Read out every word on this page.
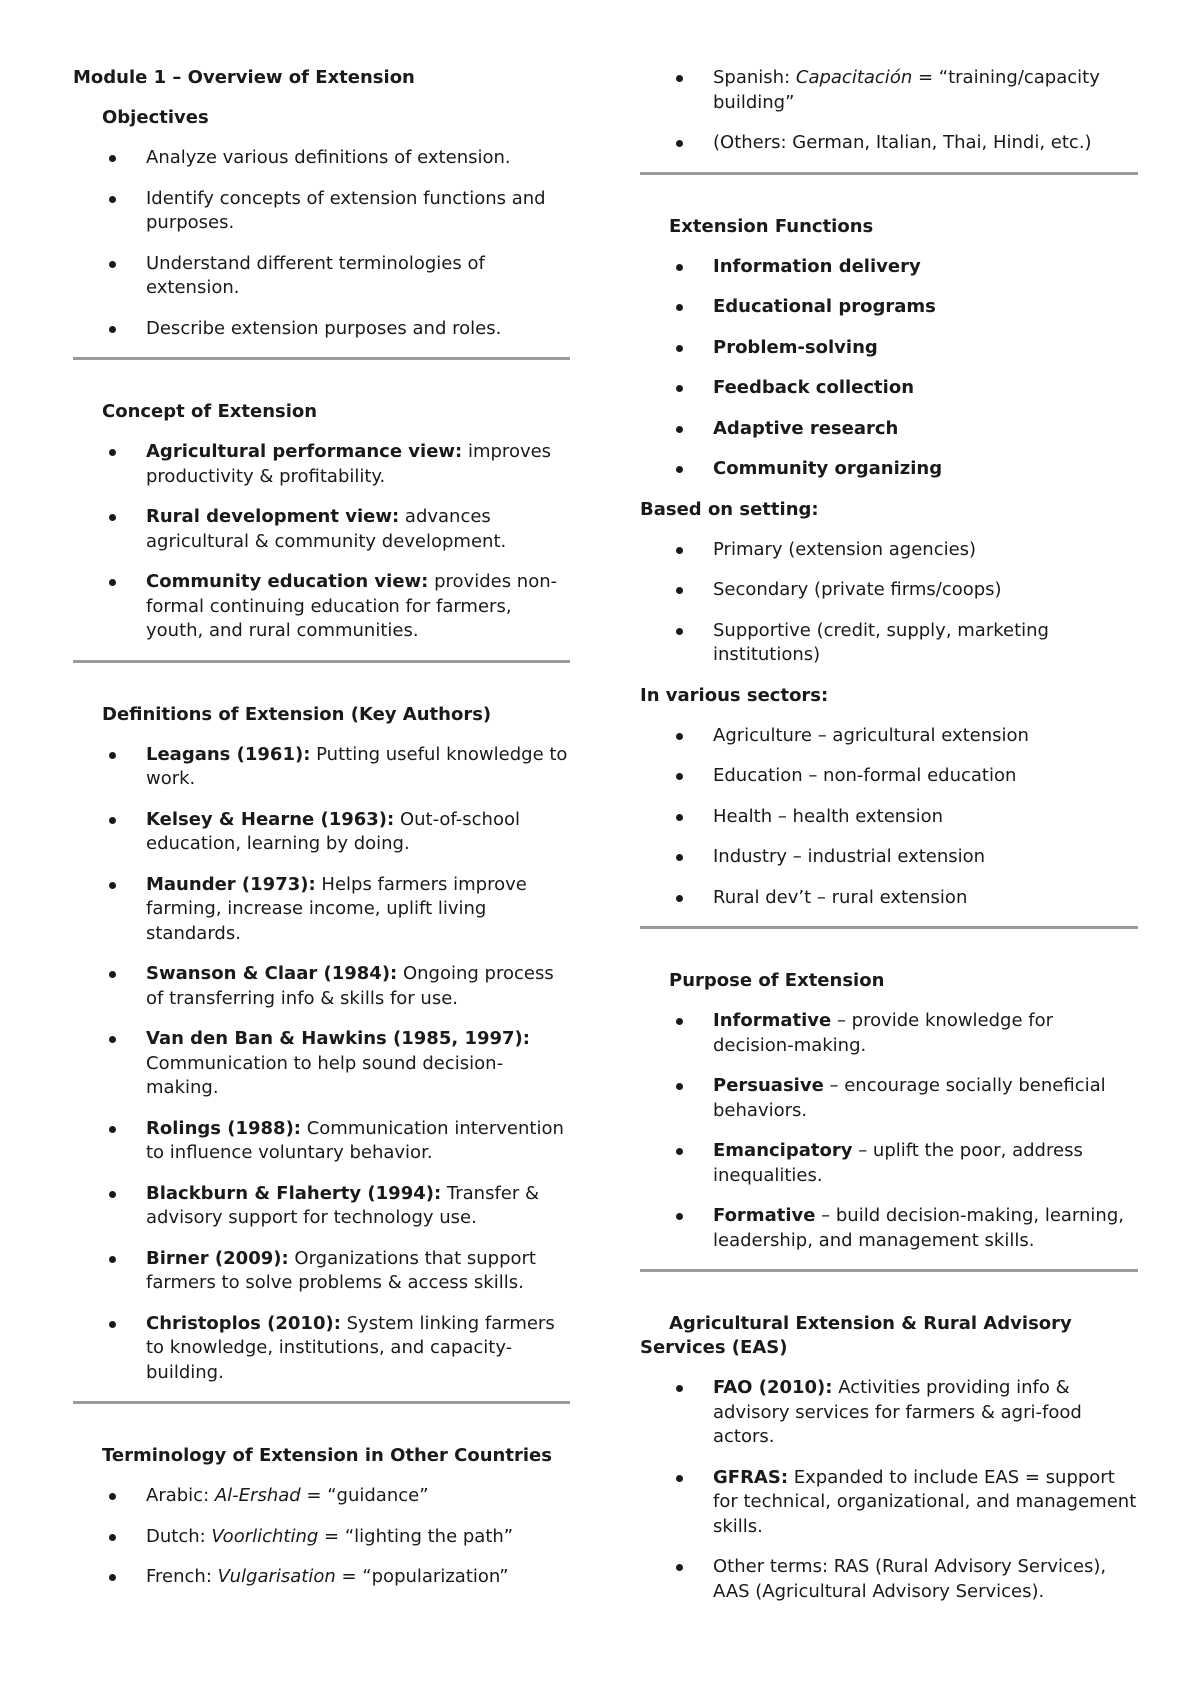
Module 1 – Overview of Extension
Objectives
Analyze various definitions of extension.
Identify concepts of extension functions and purposes.
Understand different terminologies of extension.
Describe extension purposes and roles.
Concept of Extension
Agricultural performance view: improves productivity & profitability.
Rural development view: advances agricultural & community development.
Community education view: provides non-formal continuing education for farmers, youth, and rural communities.
Definitions of Extension (Key Authors)
Leagans (1961): Putting useful knowledge to work.
Kelsey & Hearne (1963): Out-of-school education, learning by doing.
Maunder (1973): Helps farmers improve farming, increase income, uplift living standards.
Swanson & Claar (1984): Ongoing process of transferring info & skills for use.
Van den Ban & Hawkins (1985, 1997): Communication to help sound decision-making.
Rolings (1988): Communication intervention to influence voluntary behavior.
Blackburn & Flaherty (1994): Transfer & advisory support for technology use.
Birner (2009): Organizations that support farmers to solve problems & access skills.
Christoplos (2010): System linking farmers to knowledge, institutions, and capacity-building.
Terminology of Extension in Other Countries
Arabic: Al-Ershad = “guidance”
Dutch: Voorlichting = “lighting the path”
French: Vulgarisation = “popularization”
Spanish: Capacitación = “training/capacity building”
(Others: German, Italian, Thai, Hindi, etc.)
Extension Functions
Information delivery
Educational programs
Problem-solving
Feedback collection
Adaptive research
Community organizing
Based on setting:
Primary (extension agencies)
Secondary (private firms/coops)
Supportive (credit, supply, marketing institutions)
In various sectors:
Agriculture – agricultural extension
Education – non-formal education
Health – health extension
Industry – industrial extension
Rural dev’t – rural extension
Purpose of Extension
Informative – provide knowledge for decision-making.
Persuasive – encourage socially beneficial behaviors.
Emancipatory – uplift the poor, address inequalities.
Formative – build decision-making, learning, leadership, and management skills.
Agricultural Extension & Rural Advisory Services (EAS)
FAO (2010): Activities providing info & advisory services for farmers & agri-food actors.
GFRAS: Expanded to include EAS = support for technical, organizational, and management skills.
Other terms: RAS (Rural Advisory Services), AAS (Agricultural Advisory Services).
